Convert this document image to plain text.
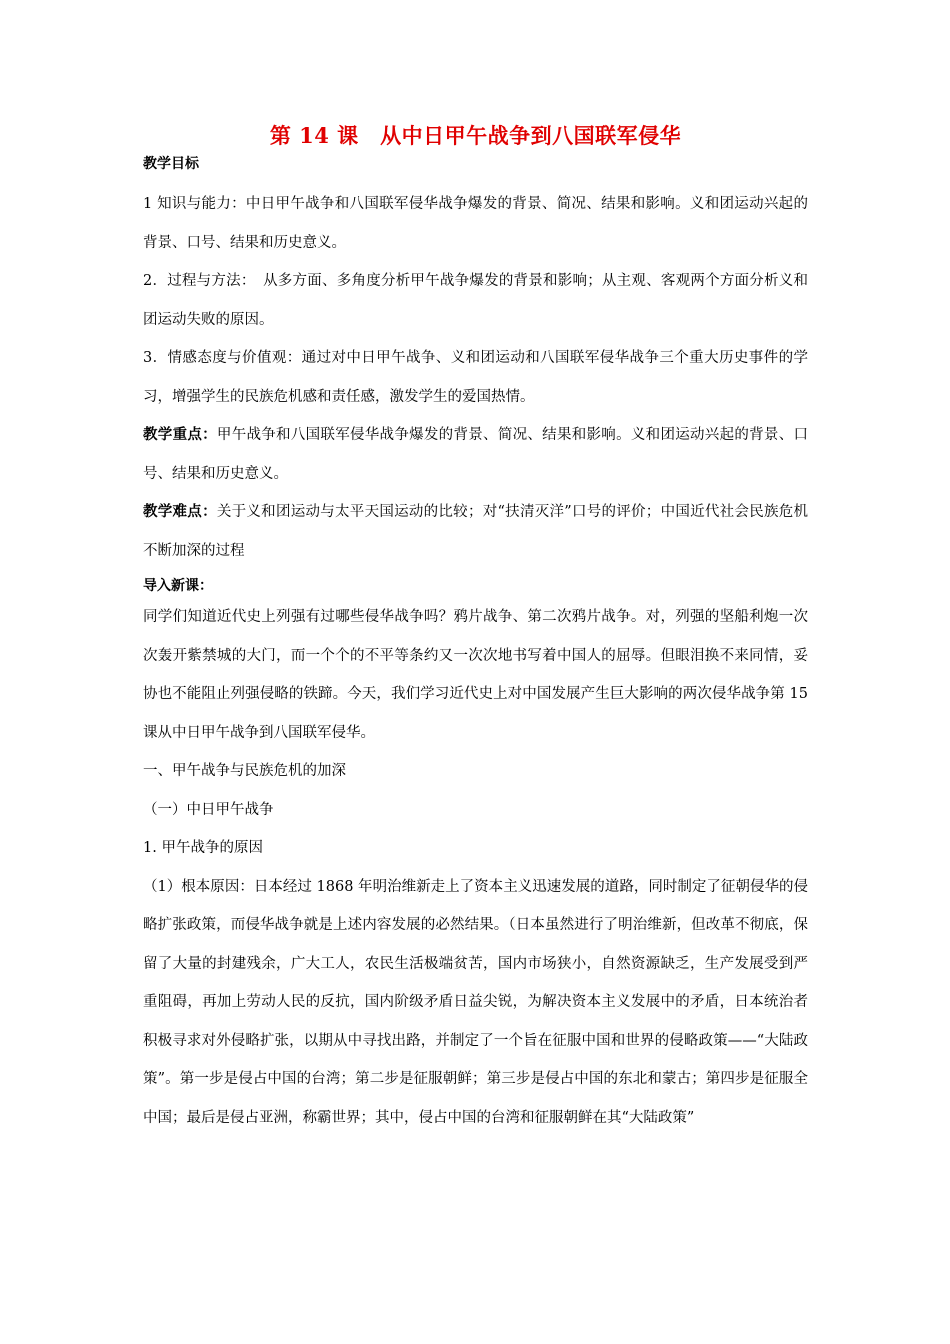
第 14 课　从中日甲午战争到八国联军侵华
教学目标

1 知识与能力：中日甲午战争和八国联军侵华战争爆发的背景、简况、结果和影响。义和团运动兴起的背景、口号、结果和历史意义。

2．过程与方法：　从多方面、多角度分析甲午战争爆发的背景和影响；从主观、客观两个方面分析义和团运动失败的原因。

3．情感态度与价值观：通过对中日甲午战争、义和团运动和八国联军侵华战争三个重大历史事件的学习，增强学生的民族危机感和责任感，激发学生的爱国热情。

教学重点：甲午战争和八国联军侵华战争爆发的背景、简况、结果和影响。义和团运动兴起的背景、口号、结果和历史意义。

教学难点：关于义和团运动与太平天国运动的比较；对“扶清灭洋”口号的评价；中国近代社会民族危机不断加深的过程

导入新课：

同学们知道近代史上列强有过哪些侵华战争吗？鸦片战争、第二次鸦片战争。对，列强的坚船利炮一次次轰开紫禁城的大门，而一个个的不平等条约又一次次地书写着中国人的屈辱。但眼泪换不来同情，妥协也不能阻止列强侵略的铁蹄。今天，我们学习近代史上对中国发展产生巨大影响的两次侵华战争第 15 课从中日甲午战争到八国联军侵华。

一、甲午战争与民族危机的加深

（一）中日甲午战争

1. 甲午战争的原因

（1）根本原因：日本经过 1868 年明治维新走上了资本主义迅速发展的道路，同时制定了征朝侵华的侵略扩张政策，而侵华战争就是上述内容发展的必然结果。（日本虽然进行了明治维新，但改革不彻底，保留了大量的封建残余，广大工人，农民生活极端贫苦，国内市场狭小，自然资源缺乏，生产发展受到严重阻碍，再加上劳动人民的反抗，国内阶级矛盾日益尖锐，为解决资本主义发展中的矛盾，日本统治者积极寻求对外侵略扩张，以期从中寻找出路，并制定了一个旨在征服中国和世界的侵略政策——“大陆政策”。第一步是侵占中国的台湾；第二步是征服朝鲜；第三步是侵占中国的东北和蒙古；第四步是征服全中国；最后是侵占亚洲，称霸世界；其中，侵占中国的台湾和征服朝鲜在其“大陆政策”
